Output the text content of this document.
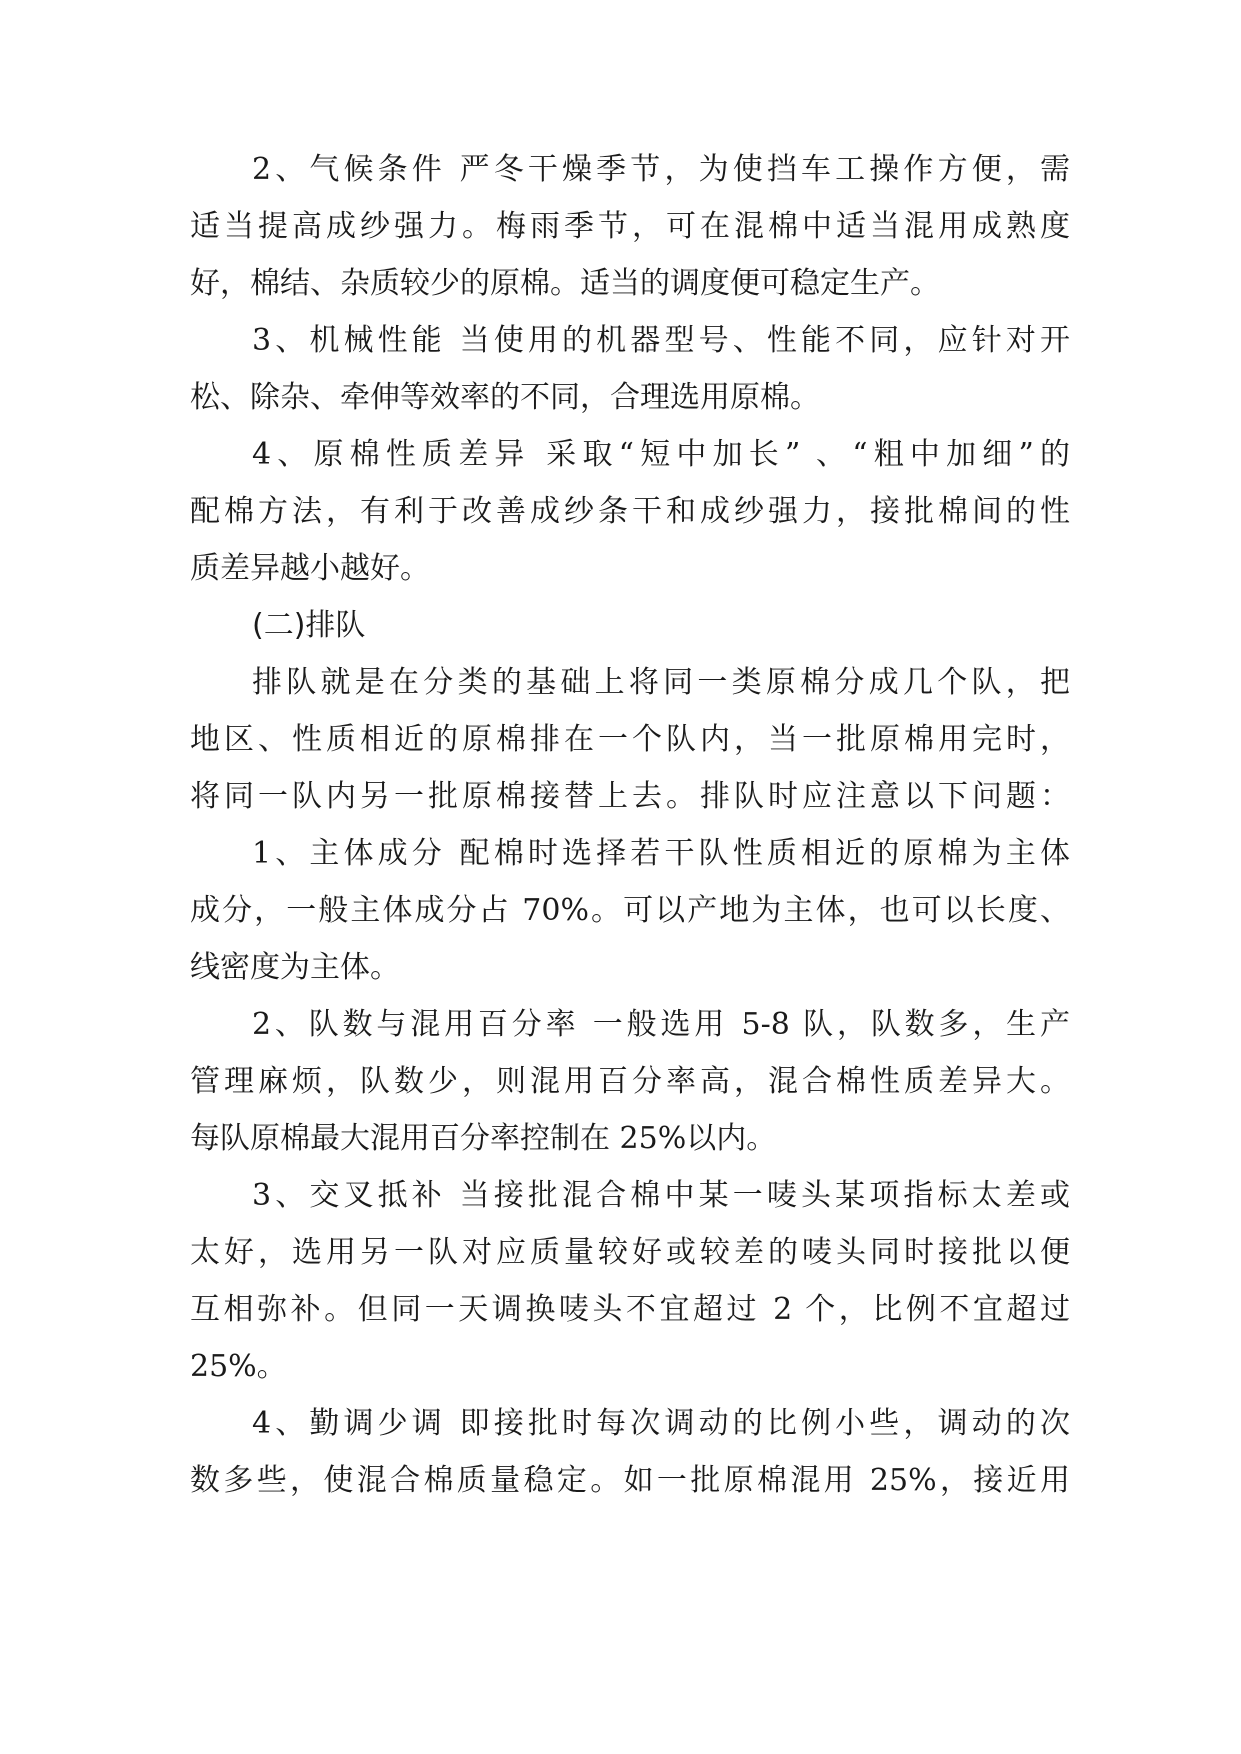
2、气候条件 严冬干燥季节，为使挡车工操作方便，需
适当提高成纱强力。梅雨季节，可在混棉中适当混用成熟度
好，棉结、杂质较少的原棉。适当的调度便可稳定生产。
3、机械性能 当使用的机器型号、性能不同，应针对开
松、除杂、牵伸等效率的不同，合理选用原棉。
4、原棉性质差异 采取“短中加长” 、“粗中加细”的
配棉方法，有利于改善成纱条干和成纱强力，接批棉间的性
质差异越小越好。
(二)排队
排队就是在分类的基础上将同一类原棉分成几个队，把
地区、性质相近的原棉排在一个队内，当一批原棉用完时，
将同一队内另一批原棉接替上去。排队时应注意以下问题：
1、主体成分 配棉时选择若干队性质相近的原棉为主体
成分，一般主体成分占 70%。可以产地为主体，也可以长度、
线密度为主体。
2、队数与混用百分率 一般选用 5-8 队，队数多，生产
管理麻烦，队数少，则混用百分率高，混合棉性质差异大。
每队原棉最大混用百分率控制在 25%以内。
3、交叉抵补 当接批混合棉中某一唛头某项指标太差或
太好，选用另一队对应质量较好或较差的唛头同时接批以便
互相弥补。但同一天调换唛头不宜超过 2 个，比例不宜超过
25%。
4、勤调少调 即接批时每次调动的比例小些，调动的次
数多些，使混合棉质量稳定。如一批原棉混用 25%，接近用
